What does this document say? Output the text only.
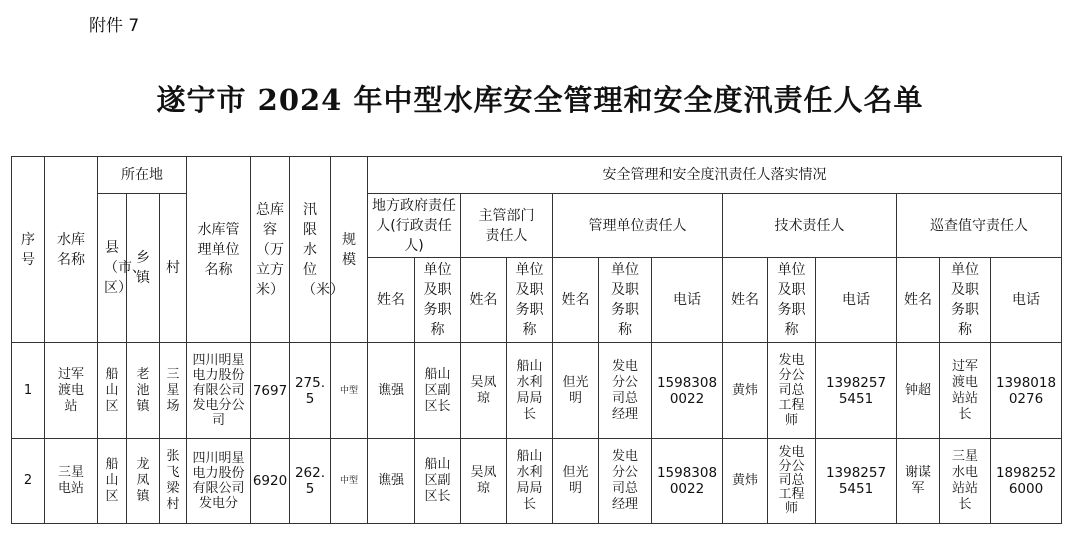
附件 7
遂宁市 2024 年中型水库安全管理和安全度汛责任人名单
序号	水库名称	所在地			水库管理单位名称	总库容（万立方米）	汛限水位（米）	规模	安全管理和安全度汛责任人落实情况												

		县（市、区）	乡镇	村					地方政府责任人(行政责任人)		主管部门责任人		管理单位责任人			技术责任人			巡查值守责任人		
									姓名	单位及职务职称	姓名	单位及职务职称	姓名	单位及职务职称	电话	姓名	单位及职务职称	电话	姓名	单位及职务职称	电话
1	过军渡电站	船山区	老池镇	三星场	四川明星电力股份有限公司发电分公司	7697	275.5	中型	谯强	船山区副区长	吴凤琼	船山水利局局长	但光明	发电分公司总经理	15983080022	黄炜	发电分公司总工程师	13982575451	钟超	过军渡电站站长	13980180276

2	三星电站	船山区	龙凤镇	张飞梁村	四川明星电力股份有限公司发电分	6920	262.5	中型	谯强	船山区副区长	吴凤琼	船山水利局局长	但光明	发电分公司总经理	15983080022	黄炜	发电分公司总工程师	13982575451	谢谋军	三星水电站站长	18982526000
